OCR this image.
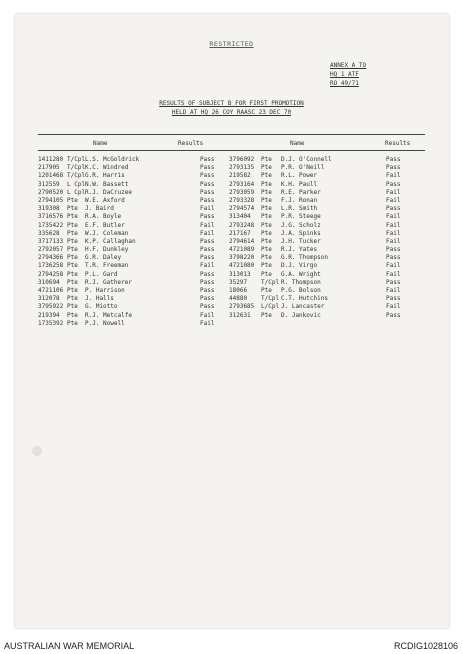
RESTRICTED
ANNEX A TO
HQ 1 ATF
RO 49/71
RESULTS OF SUBJECT B FOR FIRST PROMOTION
HELD AT HQ 26 COY RAASC 23 DEC 70
Name	Results	Name	Results
1411280 T/Cpl L.S. McGoldrick	Pass 3796092 Pte D.J. O'Connell	Pass
217905 T/Cpl K.C. Windred	Pass 2793135 Pte P.R. O'Neill	Pass
1201468 T/Cpl G.R. Harris	Pass 219582 Pte R.L. Power	Fail
312559 L Cpl N.W. Bassett	Pass 2793164 Pte K.H. Paull	Pass
2790520 L Cpl R.J. DaCruzee	Pass 2793059 Pte R.E. Parker	Fail
2794105 Pte W.E. Axford	Pass 2793328 Pte F.J. Ronan	Fail
319308 Pte J. Baird	Fail 2794574 Pte L.R. Smith	Pass
3716576 Pte R.A. Boyle	Pass 313404 Pte P.R. Steege	Fail
1735422 Pte E.F. Butler	Fail 2793248 Pte J.G. Scholz	Fail
335628 Pte W.J. Coleman	Fail 217167 Pte J.A. Spinks	Fail
3717133 Pte K.P. Callaghan	Pass 2794614 Pte J.H. Tucker	Fail
2792057 Pte H.F. Dunkley	Pass 4721089 Pte R.J. Yates	Pass
2794366 Pte G.R. Daley	Pass 3798220 Pte G.R. Thompson	Pass
1736258 Pte T.R. Freeman	Fail 4721080 Pte D.J. Virgo	Fail
2794258 Pte P.L. Gard	Pass 313013 Pte G.A. Wright	Fail
310694 Pte R.J. Gatherer	Pass 35297 T/Cpl R. Thompson	Pass
4721106 Pte P. Harrison	Pass 18066 Pte P.G. Bolson	Fail
312078 Pte J. Halls	Pass 44880 T/Cpl C.T. Hutchins	Pass
3795922 Pte G. Miotto	Pass 2793685 L/Cpl J. Lancaster	Fail
219394 Pte R.J. Metcalfe	Fail 312631 Pte D. Jankovic	Pass
1735392 Pte P.J. Nowell	Fail
AUSTRALIAN WAR MEMORIAL	RCDIG1028106
